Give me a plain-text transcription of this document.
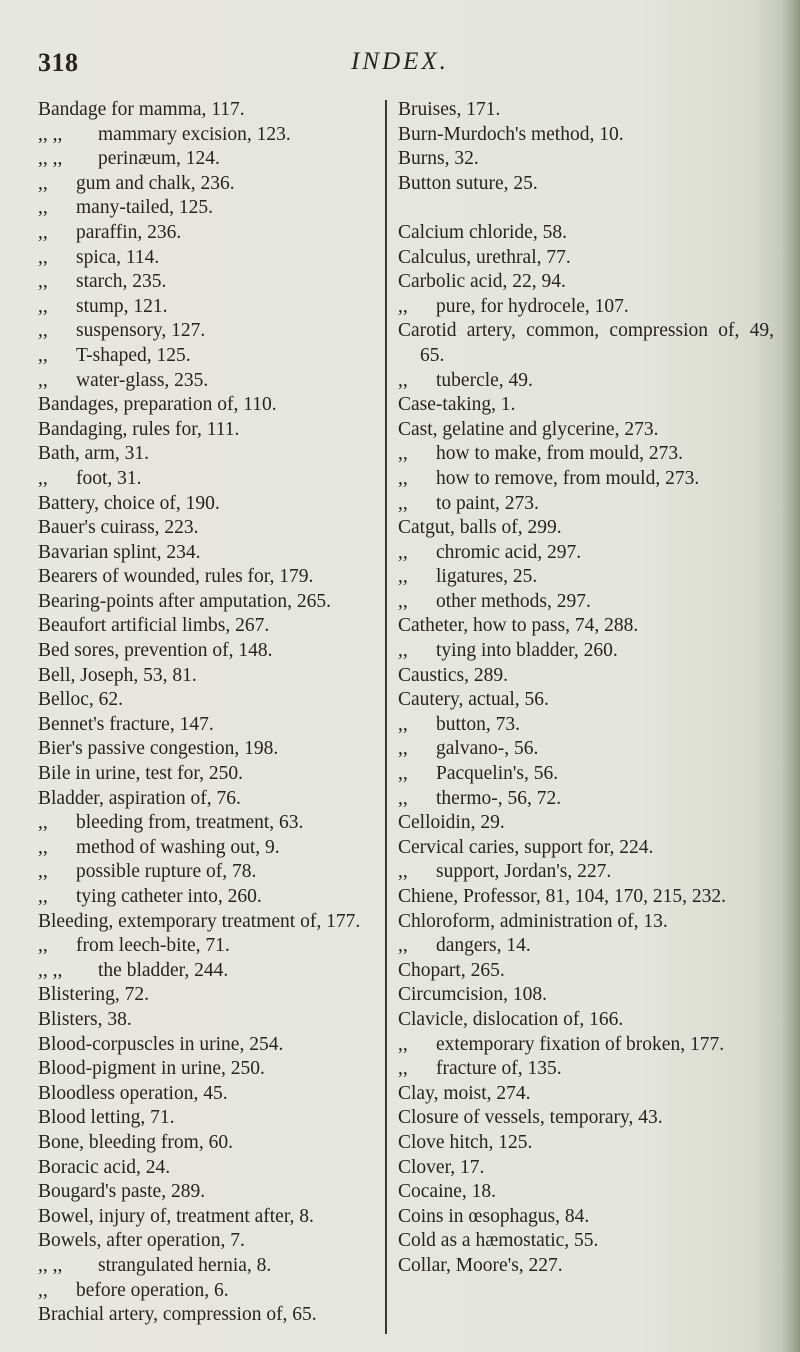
318	INDEX.

Bandage for mamma, 117.

,, ,, mammary excision, 123.

,, ,, perinæum, 124.

,, gum and chalk, 236.

,, many-tailed, 125.

,, paraffin, 236.

,, spica, 114.

,, starch, 235.

,, stump, 121.

,, suspensory, 127.

,, T-shaped, 125.

,, water-glass, 235.

Bandages, preparation of, 110.

Bandaging, rules for, 111.

Bath, arm, 31.

,, foot, 31.

Battery, choice of, 190.

Bauer's cuirass, 223.

Bavarian splint, 234.

Bearers of wounded, rules for, 179.

Bearing-points after amputation, 265.

Beaufort artificial limbs, 267.

Bed sores, prevention of, 148.

Bell, Joseph, 53, 81.

Belloc, 62.

Bennet's fracture, 147.

Bier's passive congestion, 198.

Bile in urine, test for, 250.

Bladder, aspiration of, 76.

,, bleeding from, treatment, 63.

,, method of washing out, 9.

,, possible rupture of, 78.

,, tying catheter into, 260.

Bleeding, extemporary treatment of, 177.

,, from leech-bite, 71.

,, ,, the bladder, 244.

Blistering, 72.

Blisters, 38.

Blood-corpuscles in urine, 254.

Blood-pigment in urine, 250.

Bloodless operation, 45.

Blood letting, 71.

Bone, bleeding from, 60.

Boracic acid, 24.

Bougard's paste, 289.

Bowel, injury of, treatment after, 8.

Bowels, after operation, 7.

,, ,, strangulated hernia, 8.

,, before operation, 6.

Brachial artery, compression of, 65.

Bruises, 171.

Burn-Murdoch's method, 10.

Burns, 32.

Button suture, 25.

Calcium chloride, 58.

Calculus, urethral, 77.

Carbolic acid, 22, 94.

,, pure, for hydrocele, 107.

Carotid artery, common, compression of, 49, 65.

,, tubercle, 49.

Case-taking, 1.

Cast, gelatine and glycerine, 273.

,, how to make, from mould, 273.

,, how to remove, from mould, 273.

,, to paint, 273.

Catgut, balls of, 299.

,, chromic acid, 297.

,, ligatures, 25.

,, other methods, 297.

Catheter, how to pass, 74, 288.

,, tying into bladder, 260.

Caustics, 289.

Cautery, actual, 56.

,, button, 73.

,, galvano-, 56.

,, Pacquelin's, 56.

,, thermo-, 56, 72.

Celloidin, 29.

Cervical caries, support for, 224.

,, support, Jordan's, 227.

Chiene, Professor, 81, 104, 170, 215, 232.

Chloroform, administration of, 13.

,, dangers, 14.

Chopart, 265.

Circumcision, 108.

Clavicle, dislocation of, 166.

,, extemporary fixation of broken, 177.

,, fracture of, 135.

Clay, moist, 274.

Closure of vessels, temporary, 43.

Clove hitch, 125.

Clover, 17.

Cocaine, 18.

Coins in œsophagus, 84.

Cold as a hæmostatic, 55.

Collar, Moore's, 227.
